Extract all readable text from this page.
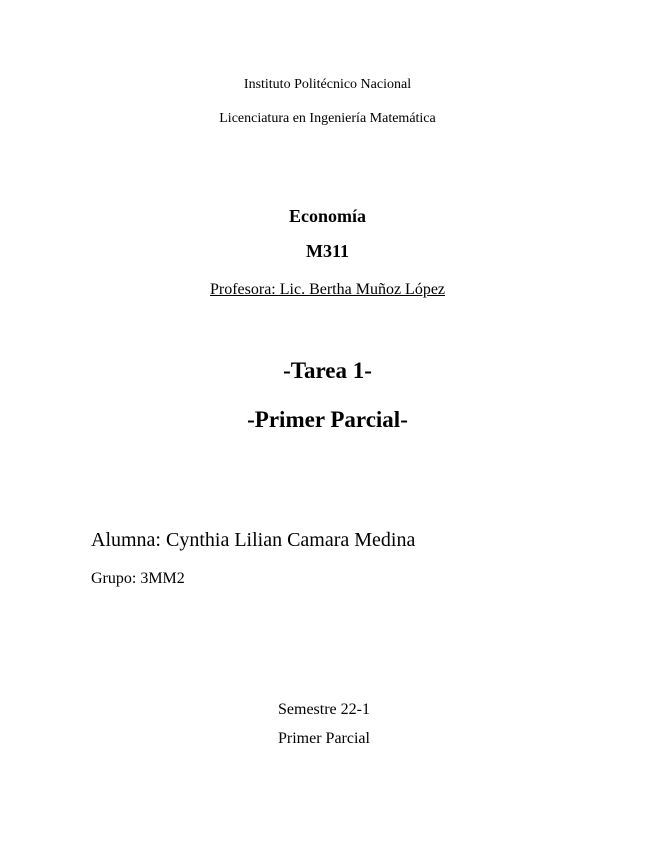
Instituto Politécnico Nacional
Licenciatura en Ingeniería Matemática
Economía
M311
Profesora: Lic. Bertha Muñoz López
-Tarea 1-
-Primer Parcial-
Alumna: Cynthia Lilian Camara Medina
Grupo: 3MM2
Semestre 22-1
Primer Parcial
